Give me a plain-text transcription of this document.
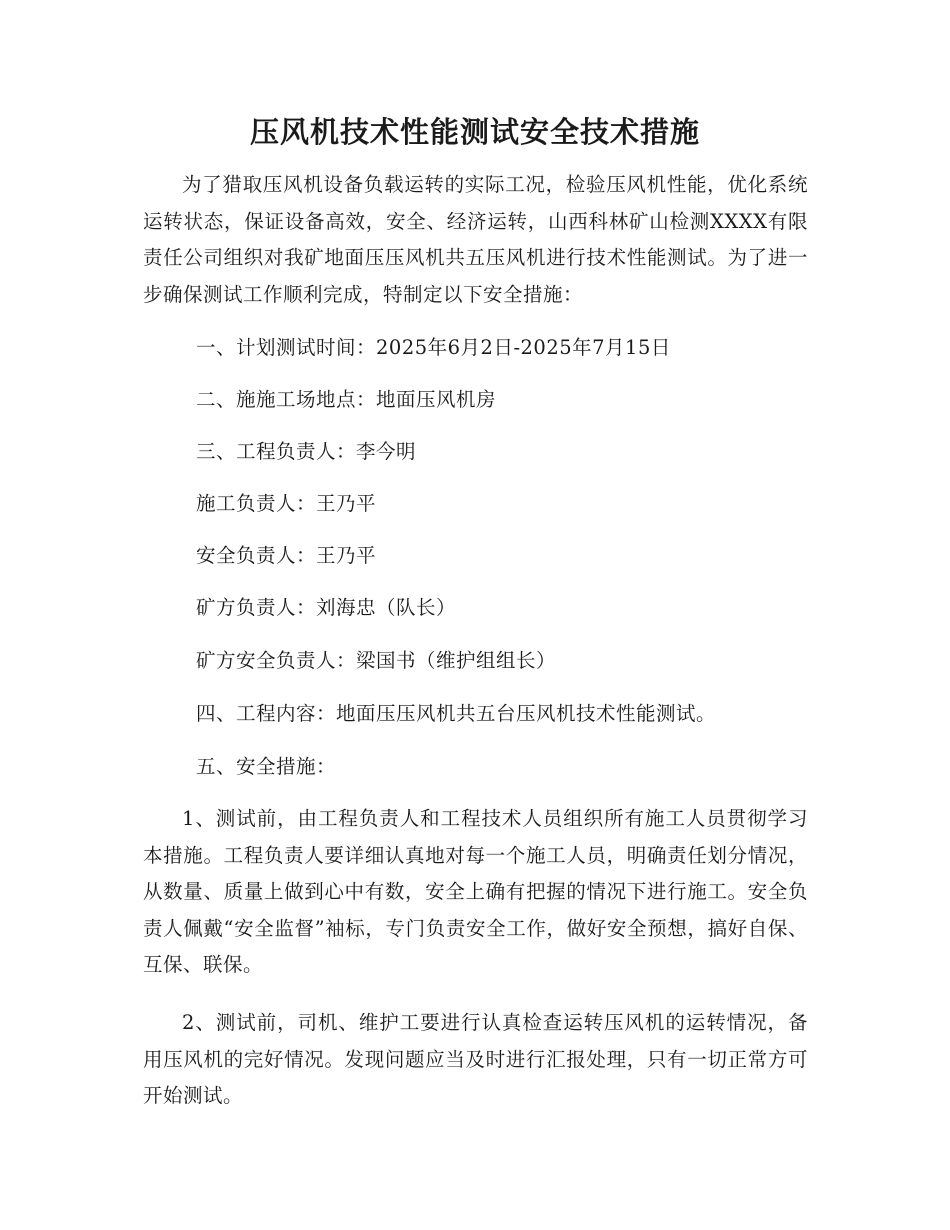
压风机技术性能测试安全技术措施

为了猎取压风机设备负载运转的实际工况，检验压风机性能，优化系统运转状态，保证设备高效，安全、经济运转，山西科林矿山检测XXXX有限责任公司组织对我矿地面压压风机共五压风机进行技术性能测试。为了进一步确保测试工作顺利完成，特制定以下安全措施：

一、计划测试时间：2025年6月2日-2025年7月15日

二、施施工场地点：地面压风机房

三、工程负责人：李今明

施工负责人：王乃平

安全负责人：王乃平

矿方负责人：刘海忠（队长）

矿方安全负责人：梁国书（维护组组长）

四、工程内容：地面压压风机共五台压风机技术性能测试。

五、安全措施：

1、测试前，由工程负责人和工程技术人员组织所有施工人员贯彻学习本措施。工程负责人要详细认真地对每一个施工人员，明确责任划分情况，从数量、质量上做到心中有数，安全上确有把握的情况下进行施工。安全负责人佩戴“安全监督”袖标，专门负责安全工作，做好安全预想，搞好自保、互保、联保。

2、测试前，司机、维护工要进行认真检查运转压风机的运转情况，备用压风机的完好情况。发现问题应当及时进行汇报处理，只有一切正常方可开始测试。
